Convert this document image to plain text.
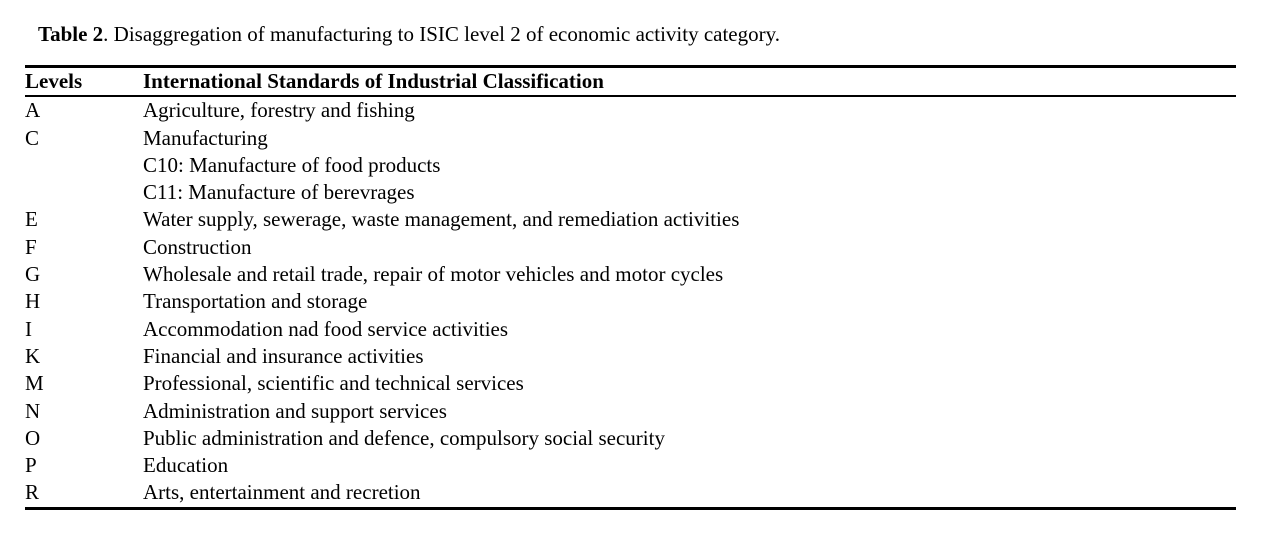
Table 2. Disaggregation of manufacturing to ISIC level 2 of economic activity category.

Levels	International Standards of Industrial Classification
A	Agriculture, forestry and fishing
C	Manufacturing
	C10: Manufacture of food products
	C11: Manufacture of berevrages
E	Water supply, sewerage, waste management, and remediation activities
F	Construction
G	Wholesale and retail trade, repair of motor vehicles and motor cycles
H	Transportation and storage
I	Accommodation nad food service activities
K	Financial and insurance activities
M	Professional, scientific and technical services
N	Administration and support services
O	Public administration and defence, compulsory social security
P	Education
R	Arts, entertainment and recretion
